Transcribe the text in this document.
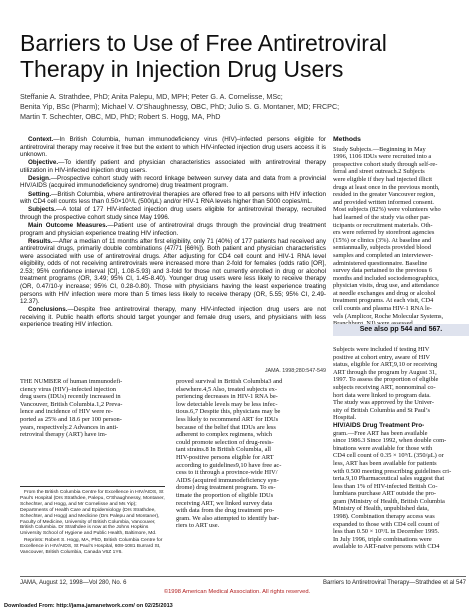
Barriers to Use of Free Antiretroviral
Therapy in Injection Drug Users
Steffanie A. Strathdee, PhD; Anita Palepu, MD, MPH; Peter G. A. Cornelisse, MSc;
Benita Yip, BSc (Pharm); Michael V. O’Shaughnessy, OBC, PhD; Julio S. G. Montaner, MD; FRCPC;
Martin T. Schechter, OBC, MD, PhD; Robert S. Hogg, MA, PhD

Context.—In British Columbia, human immunodeficiency virus (HIV)–infected persons eligible for antiretroviral therapy may receive it free but the extent to which HIV-infected injection drug users access it is unknown.

Objective.—To identify patient and physician characteristics associated with antiretroviral therapy utilization in HIV-infected injection drug users.

Design.—Prospective cohort study with record linkage between survey data and data from a provincial HIV/AIDS (acquired immunodeficiency syndrome) drug treatment program.

Setting.—British Columbia, where antiretroviral therapies are offered free to all persons with HIV infection with CD4 cell counts less than 0.50×10⁹/L (500/μL) and/or HIV-1 RNA levels higher than 5000 copies/mL.

Subjects.—A total of 177 HIV-infected injection drug users eligible for antiretroviral therapy, recruited through the prospective cohort study since May 1996.

Main Outcome Measures.—Patient use of antiretroviral drugs through the provincial drug treatment program and physician experience treating HIV infection.

Results.—After a median of 11 months after first eligibility, only 71 (40%) of 177 patients had received any antiretroviral drugs, primarily double combinations (47/71 [66%]). Both patient and physician characteristics were associated with use of antiretroviral drugs. After adjusting for CD4 cell count and HIV-1 RNA level eligibility, odds of not receiving antiretrovirals were increased more than 2-fold for females (odds ratio [OR], 2.53; 95% confidence interval [CI], 1.08-5.93) and 3-fold for those not currently enrolled in drug or alcohol treatment programs (OR, 3.49; 95% CI, 1.45-8.40). Younger drug users were less likely to receive therapy (OR, 0.47/10-y increase; 95% CI, 0.28-0.80). Those with physicians having the least experience treating persons with HIV infection were more than 5 times less likely to receive therapy (OR, 5.55; 95% CI, 2.49-12.37).

Conclusions.—Despite free antiretroviral therapy, many HIV-infected injection drug users are not receiving it. Public health efforts should target younger and female drug users, and physicians with less experience treating HIV infection.

JAMA. 1998;280:547-549
THE NUMBER of human immunodefi-
ciency virus (HIV)–infected injection
drug users (IDUs) recently increased in
Vancouver, British Columbia.1,2 Preva-
lence and incidence of HIV were re-
ported as 25% and 18.6 per 100 person-
years, respectively.2 Advances in anti-
retroviral therapy (ART) have im-
proved survival in British Columbia3 and
elsewhere.4,5 Also, treated subjects ex-
periencing decreases in HIV-1 RNA be-
low detectable levels may be less infec-
tious.6,7 Despite this, physicians may be
less likely to recommend ART for IDUs
because of the belief that IDUs are less
adherent to complex regimens, which
could promote selection of drug-resis-
tant strains.8 In British Columbia, all
HIV-positive persons eligible for ART
according to guidelines9,10 have free ac-
cess to it through a province-wide HIV/
AIDS (acquired immunodeficiency syn-
drome) drug treatment program. To es-
timate the proportion of eligible IDUs
receiving ART, we linked survey data
with data from the drug treatment pro-
gram. We also attempted to identify bar-
riers to ART use.

From the British Columbia Centre for Excellence in HIV/AIDS, St Paul’s Hospital (Drs Strathdee, Palepu, O’Shaughnessy, Montaner, Schechter, and Hogg, and Mr Cornelisse and Ms Yip); Departments of Health Care and Epidemiology (Drs Strathdee, Schechter, and Hogg) and Medicine (Drs Palepu and Montaner), Faculty of Medicine, University of British Columbia, Vancouver, British Columbia. Dr Strathdee is now at the Johns Hopkins University School of Hygiene and Public Health, Baltimore, Md.

Reprints: Robert S. Hogg, MA, PhD, British Columbia Centre for Excellence in HIV/AIDS, St Paul’s Hospital, 608-1081 Burrard St, Vancouver, British Columbia, Canada V6Z 1Y6.

Methods
Study Subjects.—Beginning in May
1996, 1106 IDUs were recruited into a
prospective cohort study through self-re-
ferral and street outreach.2 Subjects
were eligible if they had injected illicit
drugs at least once in the previous month,
resided in the greater Vancouver region,
and provided written informed consent.
Most subjects (82%) were volunteers who
had learned of the study via other par-
ticipants or recruitment materials. Oth-
ers were referred by storefront agencies
(15%) or clinics (3%). At baseline and
semiannually, subjects provided blood
samples and completed an interviewer-
administered questionnaire. Baseline
survey data pertained to the previous 6
months and included sociodemographics,
physician visits, drug use, and attendance
at needle exchanges and drug or alcohol
treatment programs. At each visit, CD4
cell counts and plasma HIV-1 RNA le-
vels (Amplicor, Roche Molecular Systems,
See also pp 544 and 567.
Subjects were included if testing HIV
positive at cohort entry, aware of HIV
status, eligible for ART,9,10 or receiving
ART through the program by August 31,
1997. To assess the proportion of eligible
subjects receiving ART, nonnominal co-
hort data were linked to program data.
The study was approved by the Univer-
sity of British Columbia and St Paul’s
Hospital.
HIV/AIDS Drug Treatment Pro-
gram.—Free ART has been available
since 1986.3 Since 1992, when double com-
binations were available for those with
CD4 cell count of 0.35 × 10⁹/L (350/μL) or
less, ART has been available for patients
with 0.500 meeting prescribing guidelines cri-
teria.9,10 Pharmaceutical sales suggest that
less than 1% of HIV-infected British Co-
lumbians purchase ART outside the pro-
gram (Ministry of Health, British Columbia
Ministry of Health, unpublished data,
1998). Combination therapy access was
expanded to those with CD4 cell count of
less than 0.50 × 10⁹/L in December 1995.
In July 1996, triple combinations were
available to ART-naive persons with CD4
JAMA, August 12, 1998—Vol 280, No. 6	Barriers to Antiretroviral Therapy—Strathdee et al 547
©1998 American Medical Association. All rights reserved.
Downloaded From: http://jama.jamanetwork.com/ on 02/25/2013
